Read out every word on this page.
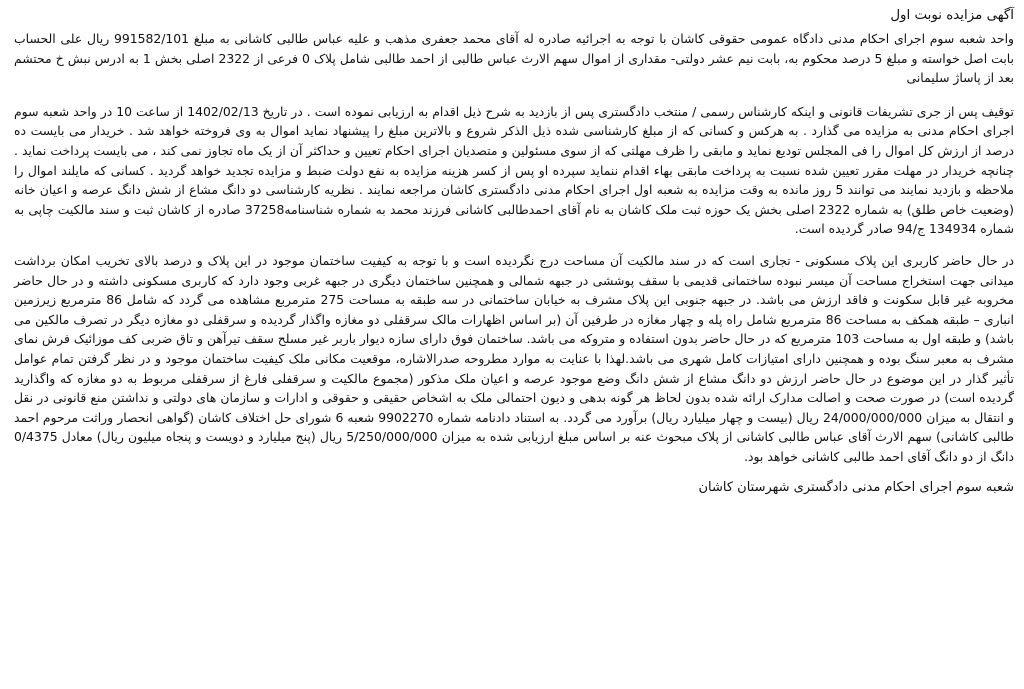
آگهی مزایده نوبت اول

واحد شعبه سوم اجرای احکام مدنی دادگاه عمومی حقوقی کاشان با توجه به اجرائیه صادره له آقای محمد جعفری مذهب و علیه عباس طالبی کاشانی به مبلغ 991582/101 ریال علی الحساب بابت اصل خواسته و مبلغ 5 درصد محکوم به، بابت نیم عشر دولتی- مقداری از اموال سهم الارث عباس طالبی از احمد طالبی شامل پلاک 0 فرعی از 2322 اصلی بخش 1 به ادرس نبش خ محتشم بعد از پاساژ سلیمانی

توقیف پس از جری تشریفات قانونی و اینکه کارشناس رسمی / منتخب دادگستری پس از بازدید به شرح ذیل اقدام به ارزیابی نموده است . در تاریخ 1402/02/13 از ساعت 10 در واحد شعبه سوم اجرای احکام مدنی به مزایده می گذارد . به هرکس و کسانی که از مبلغ کارشناسی شده ذیل الذکر شروع و بالاترین مبلغ را پیشنهاد نماید اموال به وی فروخته خواهد شد . خریدار می بایست ده درصد از ارزش کل اموال را فی المجلس تودیع نماید و مابقی را ظرف مهلتی که از سوی مسئولین و متصدیان اجرای احکام تعیین و حداکثر آن از یک ماه تجاوز نمی کند ، می بایست پرداخت نماید . چنانچه خریدار در مهلت مقرر تعیین شده نسبت به پرداخت مابقی بهاء اقدام ننماید سپرده او پس از کسر هزینه مزایده به نفع دولت ضبط و مزایده تجدید خواهد گردید . کسانی که مایلند اموال را ملاحظه و بازدید نمایند می توانند 5 روز مانده به وقت مزایده به شعبه اول اجرای احکام مدنی دادگستری کاشان مراجعه نمایند . نظریه کارشناسی دو دانگ مشاع از شش دانگ عرصه و اعیان خانه (وضعیت خاص طلق) به شماره 2322 اصلی بخش یک حوزه ثبت ملک کاشان به نام آقای احمدطالبی کاشانی فرزند محمد به شماره شناسنامه37258 صادره از کاشان ثبت و سند مالکیت چاپی به شماره 134934 ج/94 صادر گردیده است.

در حال حاضر کاربری این پلاک مسکونی - تجاری است که در سند مالکیت آن مساحت درج نگردیده است و با توجه به کیفیت ساختمان موجود در این پلاک و درصد بالای تخریب امکان برداشت میدانی جهت استخراج مساحت آن میسر نبوده ساختمانی قدیمی با سقف پوششی در جبهه شمالی و همچنین ساختمان دیگری در جبهه غربی وجود دارد که کاربری مسکونی داشته و در حال حاضر مخروبه غیر قابل سکونت و فاقد ارزش می باشد. در جبهه جنوبی این پلاک مشرف به خیابان ساختمانی در سه طبقه به مساحت 275 مترمربع مشاهده می گردد که شامل 86 مترمربع زیرزمین انباری – طبقه همکف به مساحت 86 مترمربع شامل راه پله و چهار مغازه در طرفین آن (بر اساس اظهارات مالک سرقفلی دو مغازه واگذار گردیده و سرقفلی دو مغازه دیگر در تصرف مالکین می باشد) و طبقه اول به مساحت 103 مترمربع که در حال حاضر بدون استفاده و متروکه می باشد. ساختمان فوق دارای سازه دیوار باربر غیر مسلح سقف تیرآهن و تاق ضربی کف موزائیک فرش نمای مشرف به معبر سنگ بوده و همچنین دارای امتیازات کامل شهری می باشد.لهذا با عنایت به موارد مطروحه صدرالاشاره، موقعیت مکانی ملک کیفیت ساختمان موجود و در نظر گرفتن تمام عوامل تأثیر گذار در این موضوع در حال حاضر ارزش دو دانگ مشاع از شش دانگ وضع موجود عرصه و اعیان ملک مذکور (مجموع مالکیت و سرقفلی فارغ از سرقفلی مربوط به دو مغازه که واگذارید گردیده است) در صورت صحت و اصالت مدارک ارائه شده بدون لحاظ هر گونه بدهی و دیون احتمالی ملک به اشخاص حقیقی و حقوقی و ادارات و سازمان های دولتی و نداشتن منع قانونی در نقل و انتقال به میزان 24/000/000/000 ریال (بیست و چهار میلیارد ریال) برآورد می گردد. به استناد دادنامه شماره 9902270 شعبه 6 شورای حل اختلاف کاشان (گواهی انحصار وراثت مرحوم احمد طالبی کاشانی) سهم الارث آقای عباس طالبی کاشانی از پلاک مبحوث عنه بر اساس مبلغ ارزیابی شده به میزان 5/250/000/000 ریال (پنج میلیارد و دویست و پنجاه میلیون ریال) معادل 0/4375 دانگ از دو دانگ آقای احمد طالبی کاشانی خواهد بود.

شعبه سوم اجرای احکام مدنی دادگستری شهرستان کاشان
